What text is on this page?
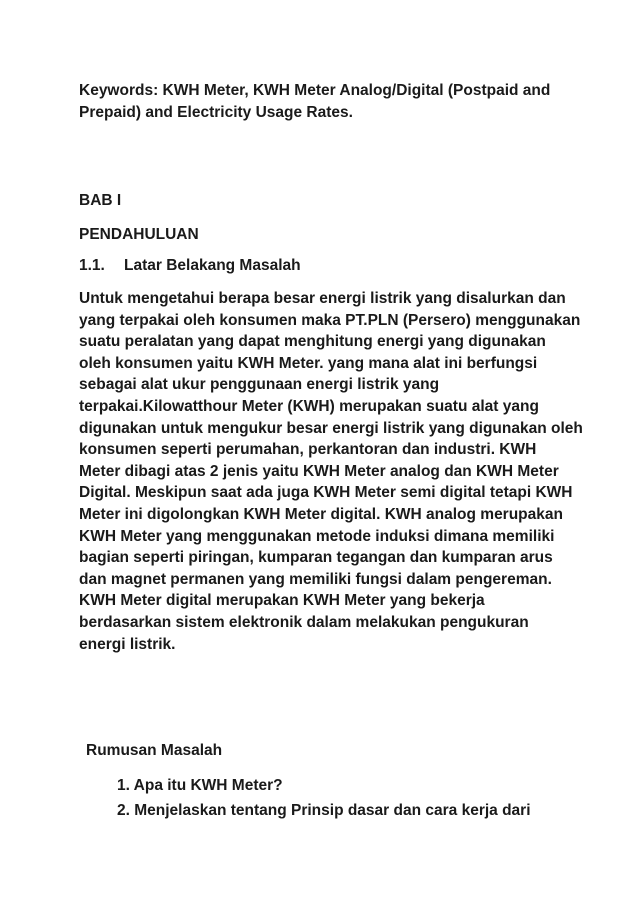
Keywords: KWH Meter, KWH Meter Analog/Digital (Postpaid and
Prepaid) and Electricity Usage Rates.
BAB I
PENDAHULUAN
1.1. Latar Belakang Masalah
Untuk mengetahui berapa besar energi listrik yang disalurkan dan
yang terpakai oleh konsumen maka PT.PLN (Persero) menggunakan
suatu peralatan yang dapat menghitung energi yang digunakan
oleh konsumen yaitu KWH Meter. yang mana alat ini berfungsi
sebagai alat ukur penggunaan energi listrik yang
terpakai.Kilowatthour Meter (KWH) merupakan suatu alat yang
digunakan untuk mengukur besar energi listrik yang digunakan oleh
konsumen seperti perumahan, perkantoran dan industri. KWH
Meter dibagi atas 2 jenis yaitu KWH Meter analog dan KWH Meter
Digital. Meskipun saat ada juga KWH Meter semi digital tetapi KWH
Meter ini digolongkan KWH Meter digital. KWH analog merupakan
KWH Meter yang menggunakan metode induksi dimana memiliki
bagian seperti piringan, kumparan tegangan dan kumparan arus
dan magnet permanen yang memiliki fungsi dalam pengereman.
KWH Meter digital merupakan KWH Meter yang bekerja
berdasarkan sistem elektronik dalam melakukan pengukuran
energi listrik.
Rumusan Masalah
1. Apa itu KWH Meter?
2. Menjelaskan tentang Prinsip dasar dan cara kerja dari
